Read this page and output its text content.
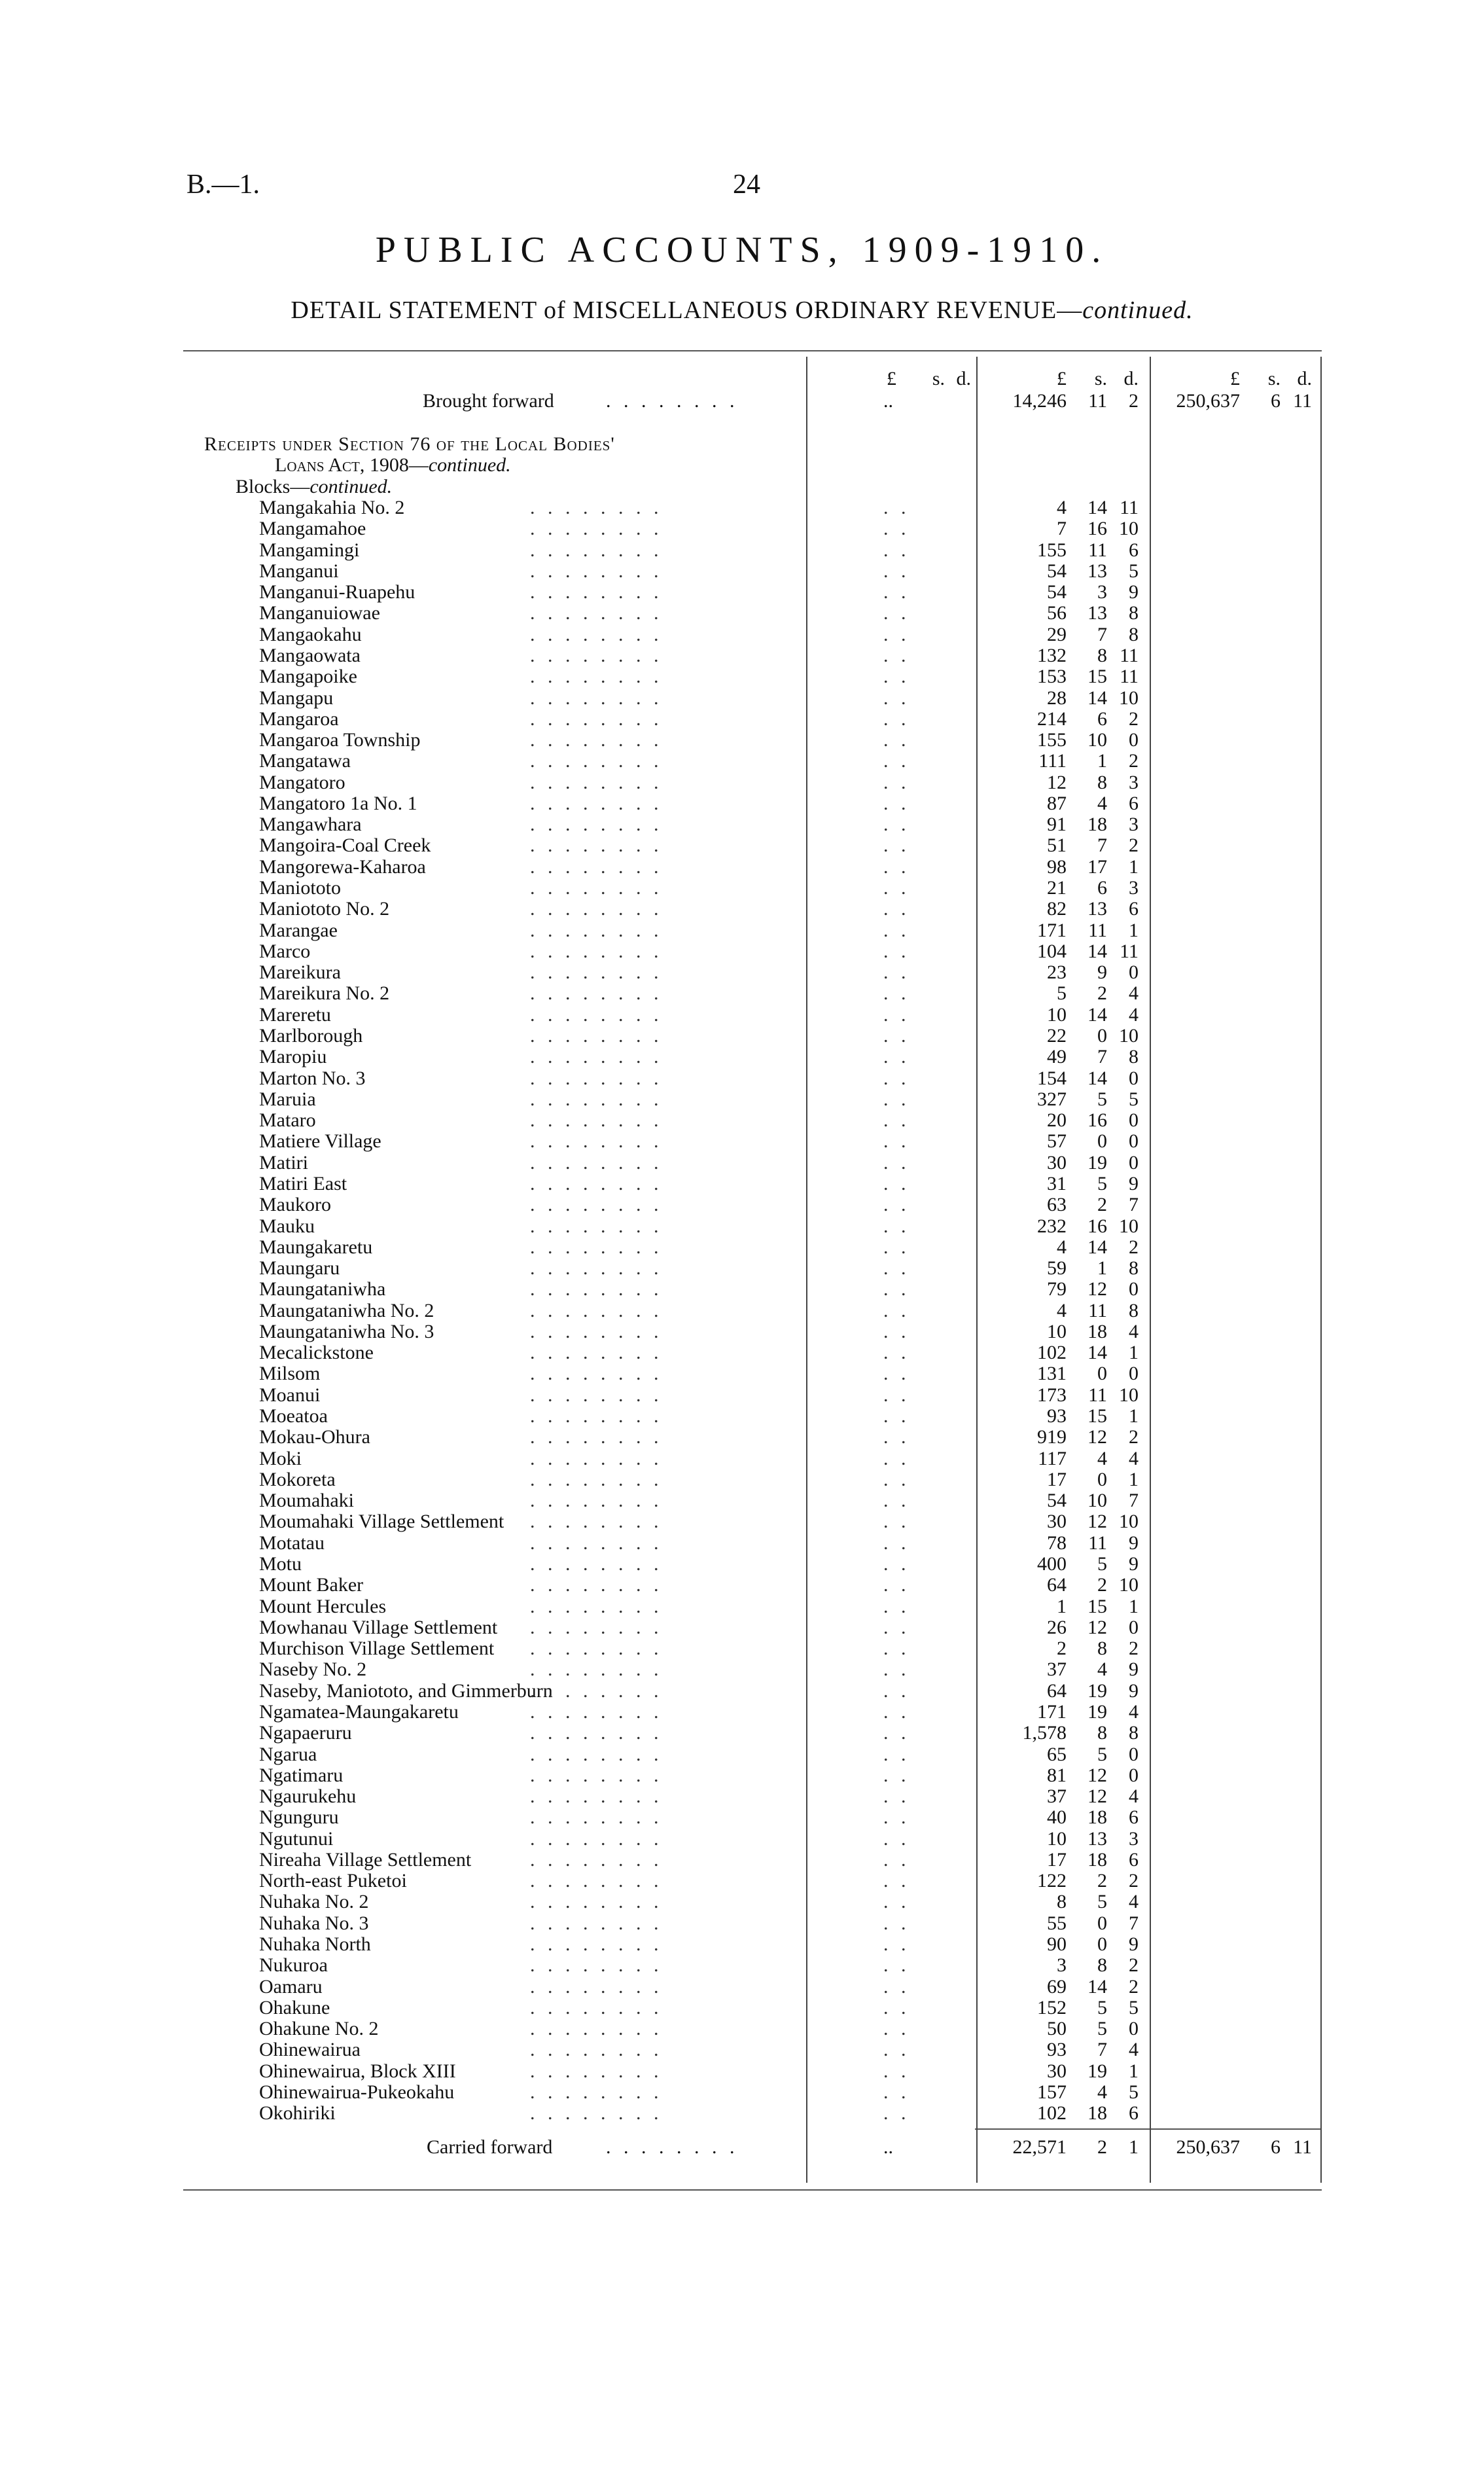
B.—1.	24
PUBLIC ACCOUNTS, 1909-1910.
DETAIL STATEMENT of MISCELLANEOUS ORDINARY REVENUE—continued.
£	s. d.	£	s. d.	£	s. d.
Brought forward	. . . . . . . .	..	14,246	11	2	250,637	6 11
Receipts under Section 76 of the Local Bodies'
Loans Act, 1908—continued.
Blocks—continued.
Mangakahia No. 2	. . . . . . . .	. .	4	14 11
Mangamahoe	. . . . . . . .	. .	7	16 10
Mangamingi	. . . . . . . .	. .	155	11	6
Manganui	. . . . . . . .	. .	54	13	5
Manganui-Ruapehu	. . . . . . . .	. .	54	3	9
Manganuiowae	. . . . . . . .	. .	56	13	8
Mangaokahu	. . . . . . . .	. .	29	7	8
Mangaowata	. . . . . . . .	. .	132	8 11
Mangapoike	. . . . . . . .	. .	153	15 11
Mangapu	. . . . . . . .	. .	28	14 10
Mangaroa	. . . . . . . .	. .	214	6	2
Mangaroa Township	. . . . . . . .	. .	155	10	0
Mangatawa	. . . . . . . .	. .	111	1	2
Mangatoro	. . . . . . . .	. .	12	8	3
Mangatoro 1a No. 1	. . . . . . . .	. .	87	4	6
Mangawhara	. . . . . . . .	. .	91	18	3
Mangoira-Coal Creek	. . . . . . . .	. .	51	7	2
Mangorewa-Kaharoa	. . . . . . . .	. .	98	17	1
Maniototo	. . . . . . . .	. .	21	6	3
Maniototo No. 2	. . . . . . . .	. .	82	13	6
Marangae	. . . . . . . .	. .	171	11	1
Marco	. . . . . . . .	. .	104	14 11
Mareikura	. . . . . . . .	. .	23	9	0
Mareikura No. 2	. . . . . . . .	. .	5	2	4
Mareretu	. . . . . . . .	. .	10	14	4
Marlborough	. . . . . . . .	. .	22	0 10
Maropiu	. . . . . . . .	. .	49	7	8
Marton No. 3	. . . . . . . .	. .	154	14	0
Maruia	. . . . . . . .	. .	327	5	5
Mataro	. . . . . . . .	. .	20	16	0
Matiere Village	. . . . . . . .	. .	57	0	0
Matiri	. . . . . . . .	. .	30	19	0
Matiri East	. . . . . . . .	. .	31	5	9
Maukoro	. . . . . . . .	. .	63	2	7
Mauku	. . . . . . . .	. .	232	16 10
Maungakaretu	. . . . . . . .	. .	4	14	2
Maungaru	. . . . . . . .	. .	59	1	8
Maungataniwha	. . . . . . . .	. .	79	12	0
Maungataniwha No. 2	. . . . . . . .	. .	4	11	8
Maungataniwha No. 3	. . . . . . . .	. .	10	18	4
Mecalickstone	. . . . . . . .	. .	102	14	1
Milsom	. . . . . . . .	. .	131	0	0
Moanui	. . . . . . . .	. .	173	11 10
Moeatoa	. . . . . . . .	. .	93	15	1
Mokau-Ohura	. . . . . . . .	. .	919	12	2
Moki	. . . . . . . .	. .	117	4	4
Mokoreta	. . . . . . . .	. .	17	0	1
Moumahaki	. . . . . . . .	. .	54	10	7
Moumahaki Village Settlement . . . . . . . .	. .	30	12 10
Motatau	. . . . . . . .	. .	78	11	9
Motu	. . . . . . . .	. .	400	5	9
Mount Baker	. . . . . . . .	. .	64	2 10
Mount Hercules	. . . . . . . .	. .	1	15	1
Mowhanau Village Settlement . . . . . . . .	. .	26	12	0
Murchison Village Settlement . . . . . . . .	. .	2	8	2
Naseby No. 2	. . . . . . . .	. .	37	4	9
Naseby, Maniototo, and Gimmerburn
. . . . . . . .	. .	64	19	9
Ngamatea-Maungakaretu	. . . . . . . .	. .	171	19	4
Ngapaeruru	. . . . . . . .	. .	1,578	8	8
Ngarua	. . . . . . . .	. .	65	5	0
Ngatimaru	. . . . . . . .	. .	81	12	0
Ngaurukehu	. . . . . . . .	. .	37	12	4
Ngunguru	. . . . . . . .	. .	40	18	6
Ngutunui	. . . . . . . .	. .	10	13	3
Nireaha Village Settlement	. . . . . . . .	. .	17	18	6
North-east Puketoi	. . . . . . . .	. .	122	2	2
Nuhaka No. 2	. . . . . . . .	. .	8	5	4
Nuhaka No. 3	. . . . . . . .	. .	55	0	7
Nuhaka North	. . . . . . . .	. .	90	0	9
Nukuroa	. . . . . . . .	. .	3	8	2
Oamaru	. . . . . . . .	. .	69	14	2
Ohakune	. . . . . . . .	. .	152	5	5
Ohakune No. 2	. . . . . . . .	. .	50	5	0
Ohinewairua	. . . . . . . .	. .	93	7	4
Ohinewairua, Block XIII	. . . . . . . .	. .	30	19	1
Ohinewairua-Pukeokahu	. . . . . . . .	. .	157	4	5
Okohiriki	. . . . . . . .	. .	102	18	6
Carried forward	. . . . . . . .	..	22,571	2	1	250,637	6 11
